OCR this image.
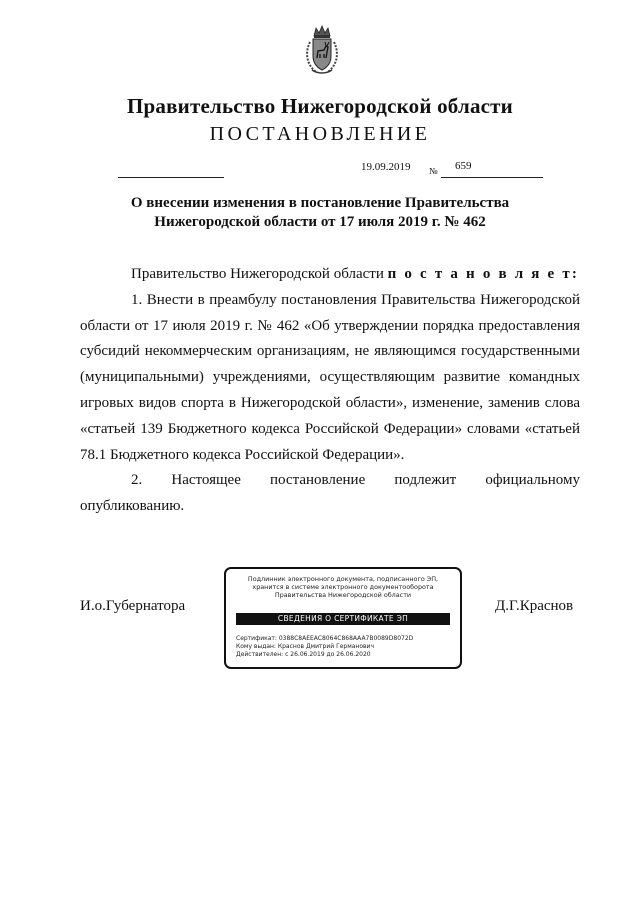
Правительство Нижегородской области
ПОСТАНОВЛЕНИЕ
19.09.2019 № 659
О внесении изменения в постановление Правительства
Нижегородской области от 17 июля 2019 г. № 462

Правительство Нижегородской области п о с т а н о в л я е т:

1. Внести в преамбулу постановления Правительства Нижегородской области от 17 июля 2019 г. № 462 «Об утверждении порядка предоставления субсидий некоммерческим организациям, не являющимся государственными (муниципальными) учреждениями, осуществляющим развитие командных игровых видов спорта в Нижегородской области», изменение, заменив слова «статьей 139 Бюджетного кодекса Российской Федерации» словами «статьей 78.1 Бюджетного кодекса Российской Федерации».

2. Настоящее постановление подлежит официальному опубликованию.

И.о.Губернатора
Подлинник электронного документа, подписанного ЭП,
хранится в системе электронного документооборота
Правительства Нижегородской области
СВЕДЕНИЯ О СЕРТИФИКАТЕ ЭП
Сертификат: 0388C8AEEAC8064C868AAA7B0089D8072D
Кому выдан: Краснов Дмитрий Германович
Действителен: с 26.06.2019 до 26.06.2020
Д.Г.Краснов
